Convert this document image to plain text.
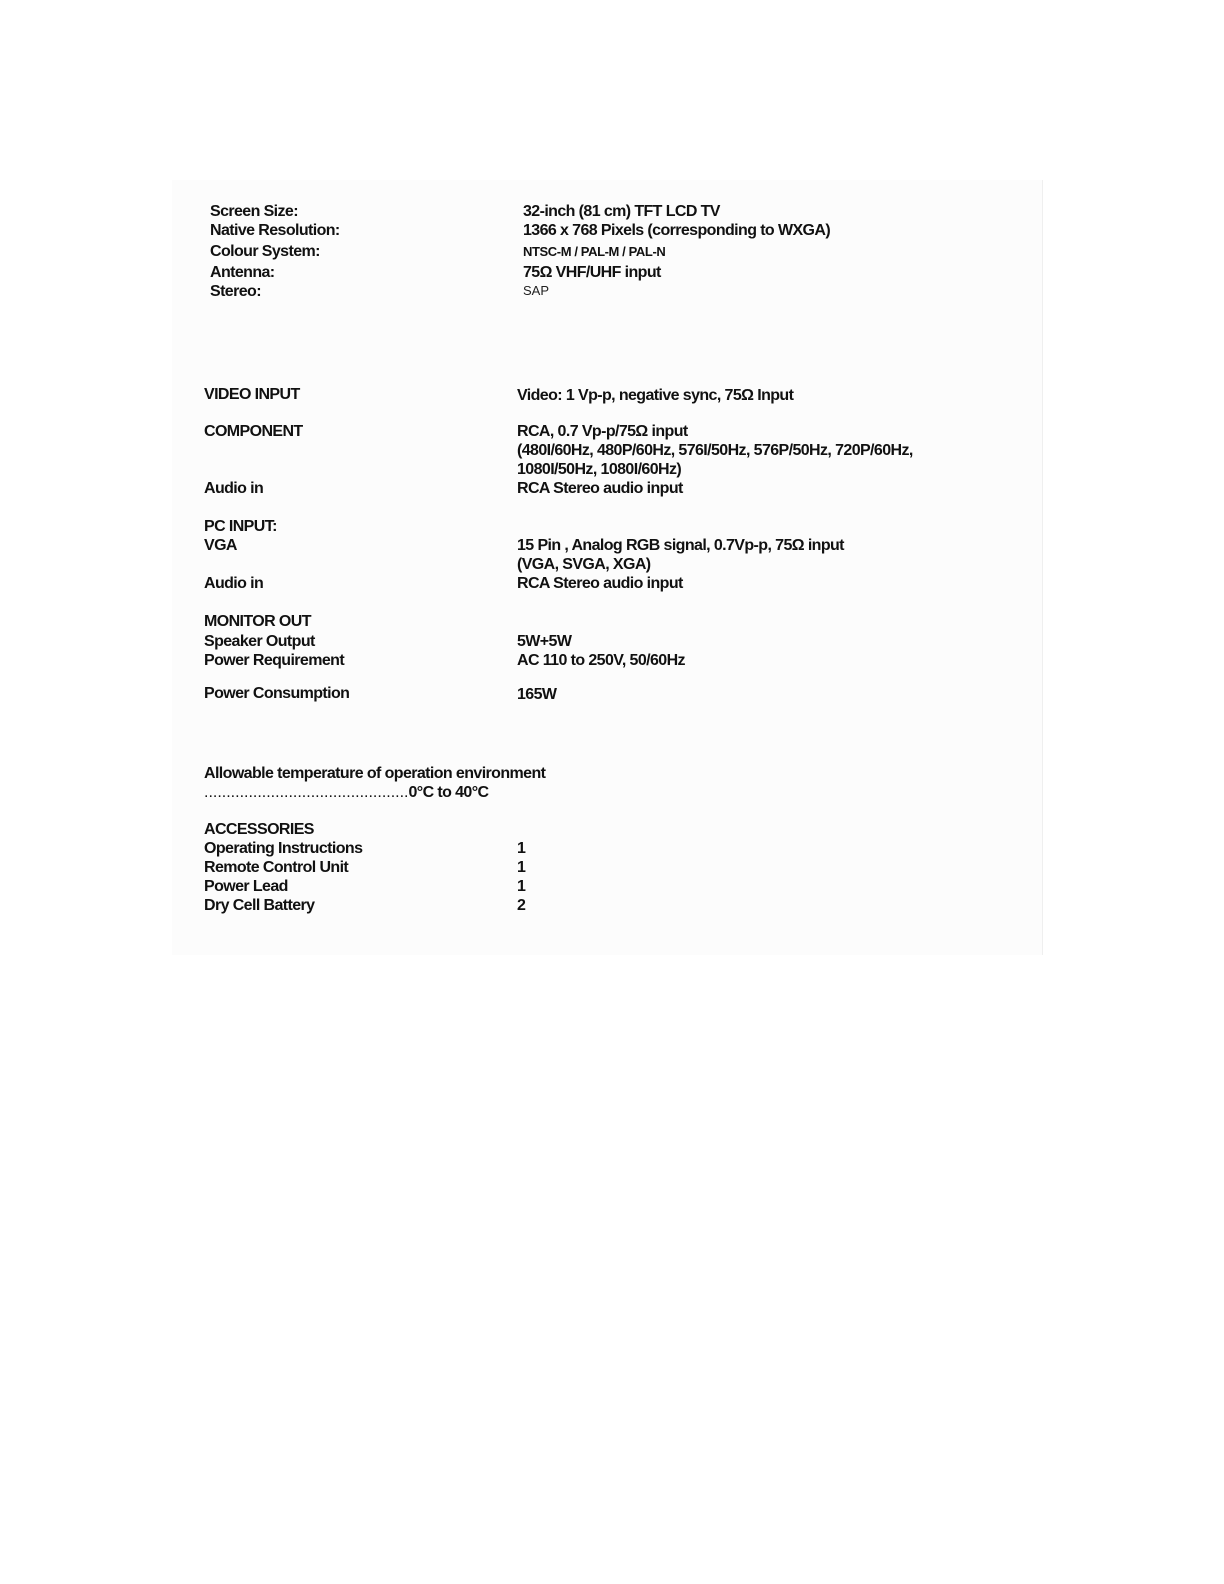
Screen Size:	32-inch (81 cm) TFT LCD TV
Native Resolution:	1366 x 768 Pixels (corresponding to WXGA)
Colour System:	NTSC-M / PAL-M / PAL-N
Antenna:	75Ω VHF/UHF input
Stereo:	SAP
VIDEO INPUT	Video: 1 Vp-p, negative sync, 75Ω Input
COMPONENT	RCA, 0.7 Vp-p/75Ω input
(480I/60Hz, 480P/60Hz, 576I/50Hz, 576P/50Hz, 720P/60Hz,
1080I/50Hz, 1080I/60Hz)
Audio in	RCA Stereo audio input
PC INPUT:
VGA	15 Pin , Analog RGB signal, 0.7Vp-p, 75Ω input
(VGA, SVGA, XGA)
Audio in	RCA Stereo audio input
MONITOR OUT
Speaker Output	5W+5W
Power Requirement	AC 110 to 250V, 50/60Hz
Power Consumption	165W
Allowable temperature of operation environment
..............................................0°C to 40°C
ACCESSORIES
Operating Instructions	1
Remote Control Unit	1
Power Lead	1
Dry Cell Battery	2
